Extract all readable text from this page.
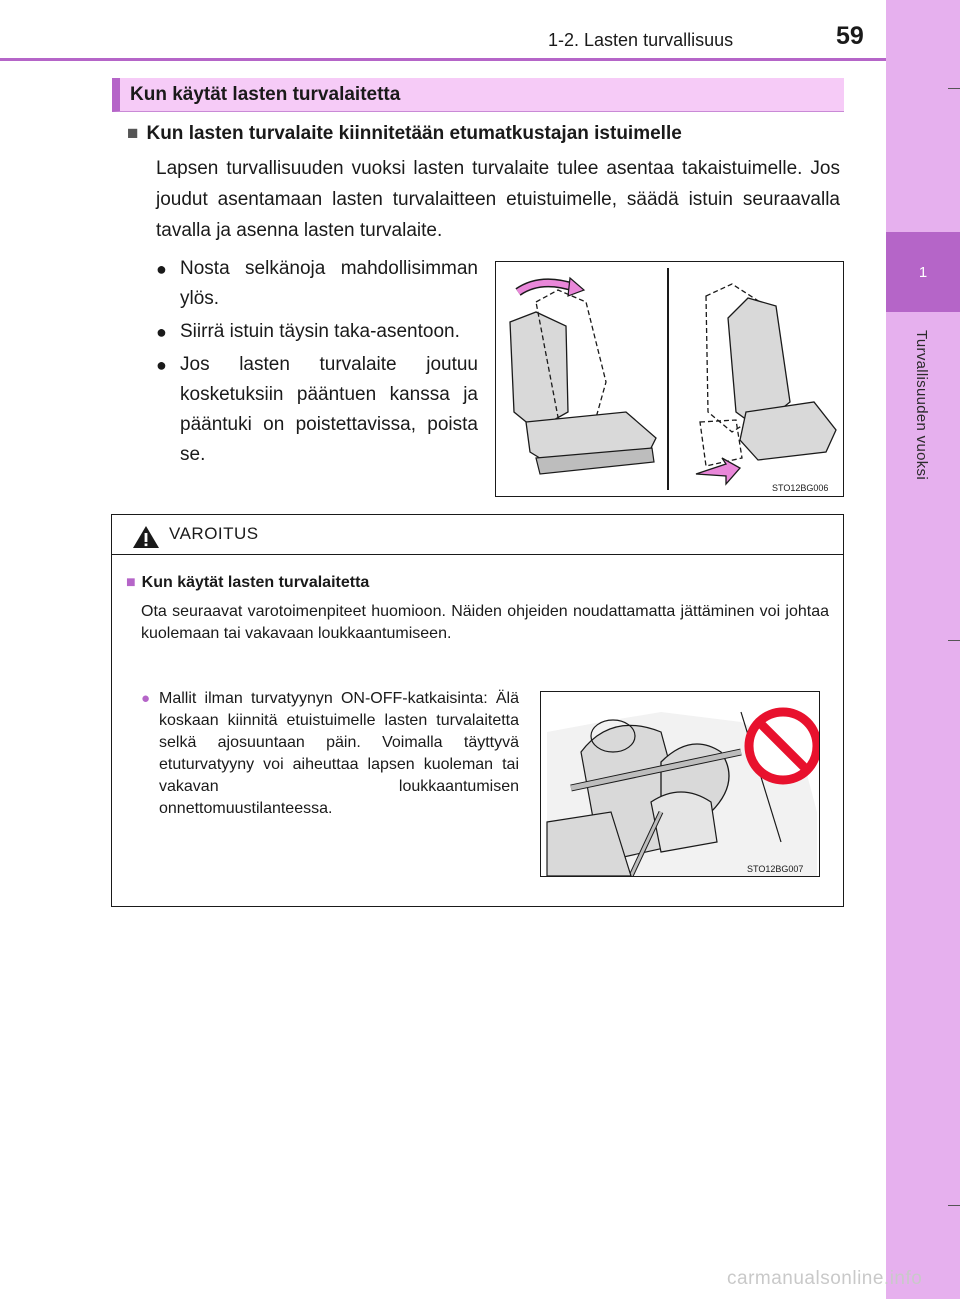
1
Turvallisuuden vuoksi
1-2. Lasten turvallisuus	59
Kun käytät lasten turvalaitetta
■ Kun lasten turvalaite kiinnitetään etumatkustajan istuimelle
Lapsen turvallisuuden vuoksi lasten turvalaite tulee asentaa takaistuimelle. Jos joudut asentamaan lasten turvalaitteen etuistuimelle, säädä istuin seuraavalla tavalla ja asenna lasten turvalaite.
● Nosta selkänoja mahdollisimman ylös.
● Siirrä istuin täysin taka-asentoon.
● Jos lasten turvalaite joutuu kosketuksiin pääntuen kanssa ja pääntuki on poistettavissa, poista se.
STO12BG006
VAROITUS
■ Kun käytät lasten turvalaitetta
Ota seuraavat varotoimenpiteet huomioon. Näiden ohjeiden noudattamatta jättäminen voi johtaa kuolemaan tai vakavaan loukkaantumiseen.
● Mallit ilman turvatyynyn ON-OFF-katkaisinta: Älä koskaan kiinnitä etuistuimelle lasten turvalaitetta selkä ajosuuntaan päin. Voimalla täyttyvä etuturvatyyny voi aiheuttaa lapsen kuoleman tai vakavan loukkaantumisen onnettomuustilanteessa.
STO12BG007
carmanualsonline.info
